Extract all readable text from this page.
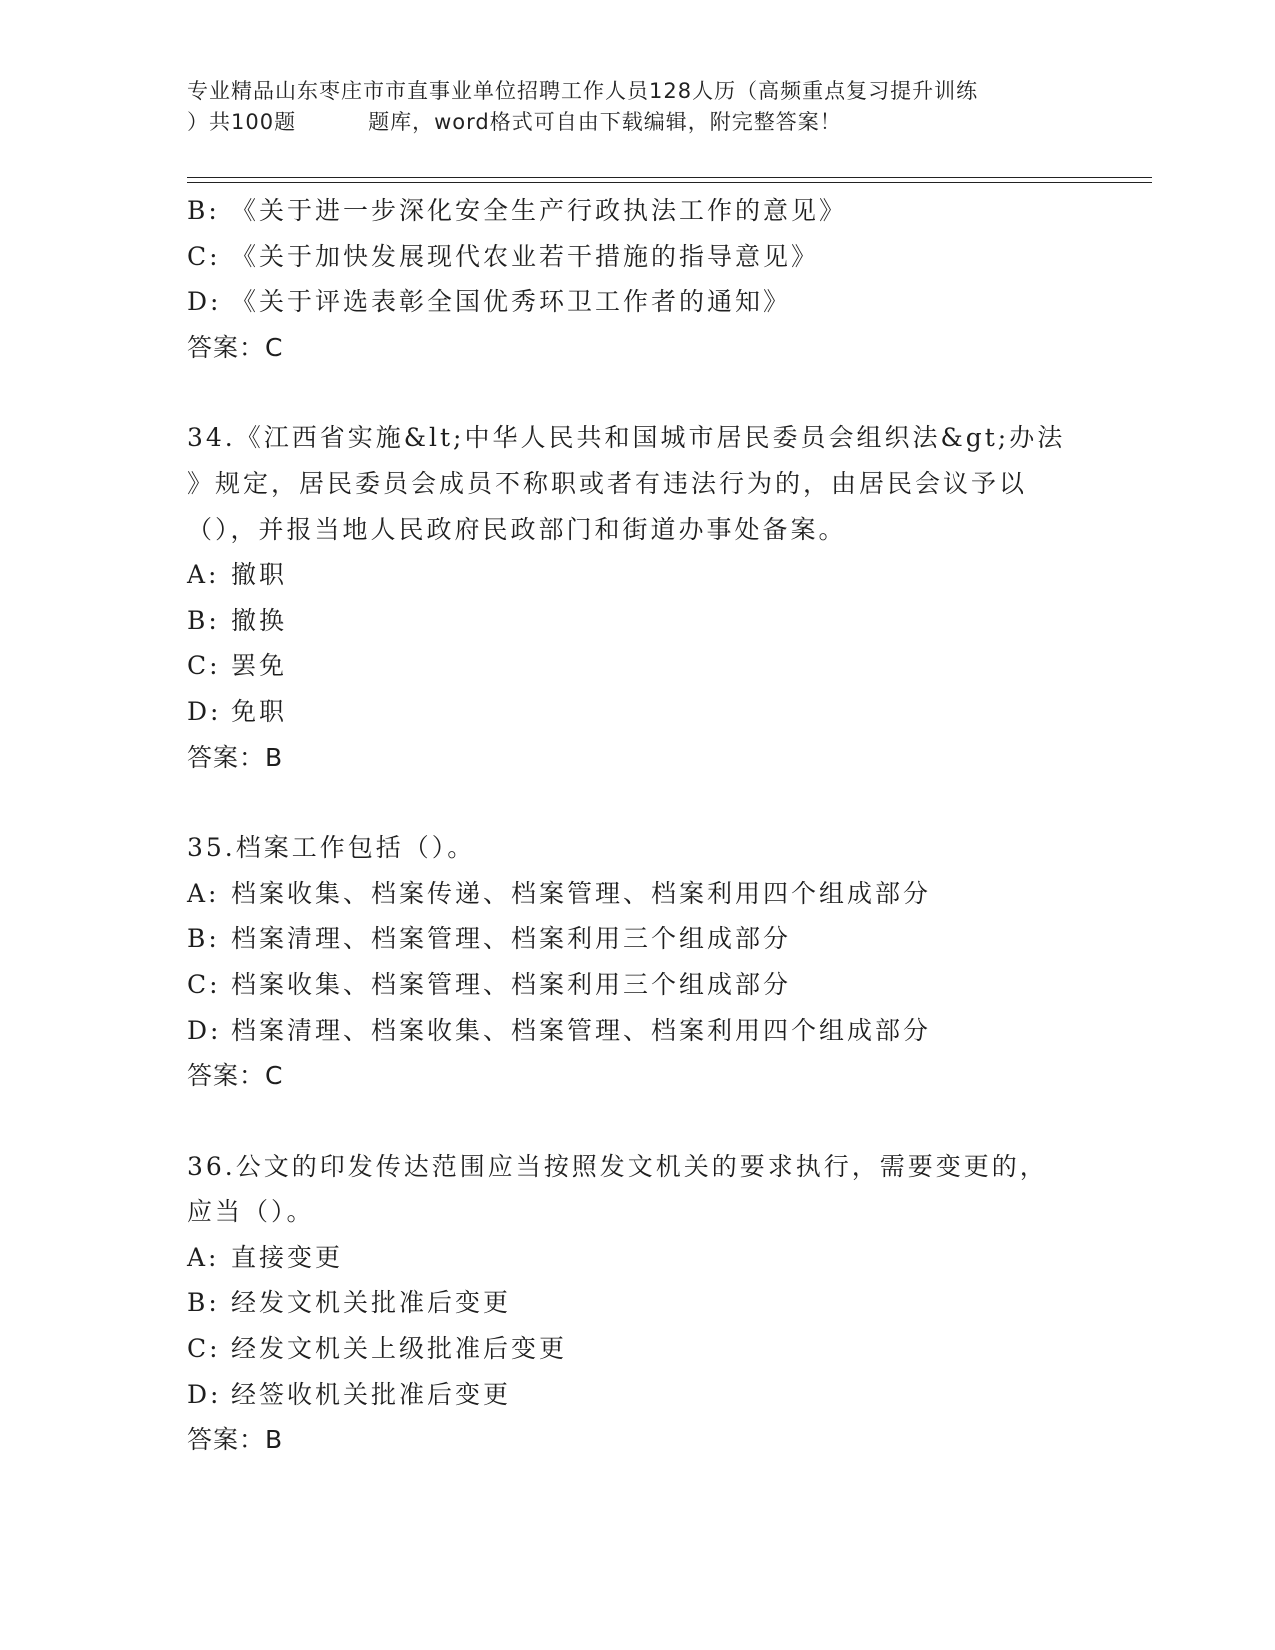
专业精品山东枣庄市市直事业单位招聘工作人员128人历（高频重点复习提升训练
）共100题	题库，word格式可自由下载编辑，附完整答案！
B: 《关于进一步深化安全生产行政执法工作的意见》
C: 《关于加快发展现代农业若干措施的指导意见》
D: 《关于评选表彰全国优秀环卫工作者的通知》
答案：C
34.《江西省实施&lt;中华人民共和国城市居民委员会组织法&gt;办法
》规定，居民委员会成员不称职或者有违法行为的，由居民会议予以
（），并报当地人民政府民政部门和街道办事处备案。
A: 撤职
B: 撤换
C: 罢免
D: 免职
答案：B
35.档案工作包括（）。
A: 档案收集、档案传递、档案管理、档案利用四个组成部分
B: 档案清理、档案管理、档案利用三个组成部分
C: 档案收集、档案管理、档案利用三个组成部分
D: 档案清理、档案收集、档案管理、档案利用四个组成部分
答案：C
36.公文的印发传达范围应当按照发文机关的要求执行，需要变更的，
应当（）。
A: 直接变更
B: 经发文机关批准后变更
C: 经发文机关上级批准后变更
D: 经签收机关批准后变更
答案：B
